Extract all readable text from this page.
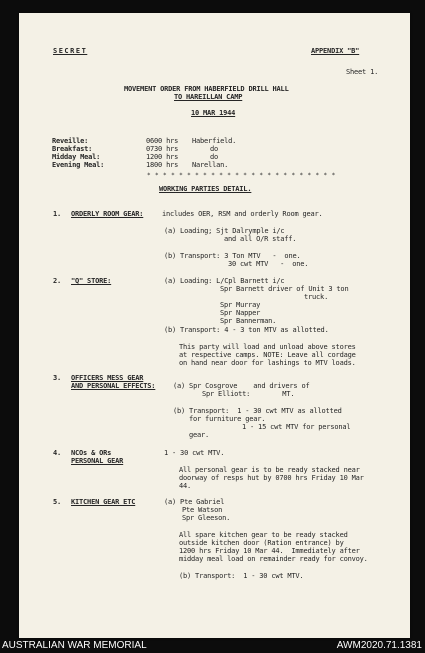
SECRET	APPENDIX "B"
Sheet 1.
MOVEMENT ORDER FROM HABERFIELD DRILL HALL
TO HAREILLAN CAMP
10 MAR 1944
Reveille:	0600 hrs Haberfield.
Breakfast:	0730 hrs	do
Midday Meal:	1200 hrs	do
Evening Meal:	1800 hrs Narellan.
* * * * * * * * * * * * * * * * * * * * * * * *
WORKING PARTIES DETAIL.
1. ORDERLY ROOM GEAR:	includes OER, RSM and orderly Room gear.
(a) Loading; Sjt Dalrymple i/c
and all O/R staff.
(b) Transport: 3 Ton MTV   -  one.
30 cwt MTV   -  one.
2. "Q" STORE:	(a) Loading: L/Cpl Barnett i/c
Spr Barnett driver of Unit 3 ton
truck.
Spr Murray
Spr Napper
Spr Bannerman.
(b) Transport: 4 - 3 ton MTV as allotted.
This party will load and unload above stores
at respective camps. NOTE: Leave all cordage
on hand near door for lashings to MTV loads.
3. OFFICERS MESS GEAR
AND PERSONAL EFFECTS:	(a) Spr Cosgrove    and drivers of
Spr Elliott:        MT.
(b) Transport:  1 - 30 cwt MTV as allotted
for furniture gear.
1 - 15 cwt MTV for personal
gear.
4. NCOs & ORs
PERSONAL GEAR
1 - 30 cwt MTV.
All personal gear is to be ready stacked near
doorway of resps hut by 0700 hrs Friday 10 Mar
44.
5. KITCHEN GEAR ETC	(a) Pte Gabriel
Pte Watson
Spr Gleeson.
All spare kitchen gear to be ready stacked
outside kitchen door (Ration entrance) by
1200 hrs Friday 10 Mar 44.  Immediately after
midday meal load on remainder ready for convoy.
(b) Transport:  1 - 30 cwt MTV.
AUSTRALIAN WAR MEMORIAL	AWM2020.71.1381
